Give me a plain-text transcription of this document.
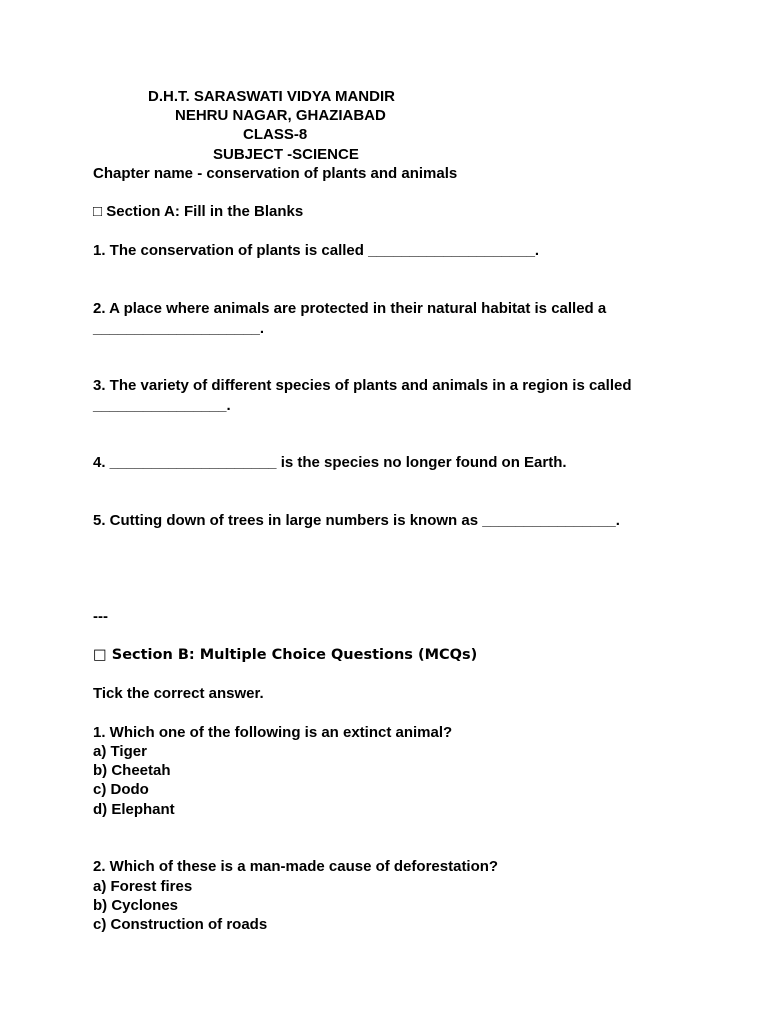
D.H.T. SARASWATI VIDYA MANDIR
NEHRU NAGAR, GHAZIABAD
CLASS-8
SUBJECT -SCIENCE
Chapter name - conservation of plants and animals
□ Section A: Fill in the Blanks
1. The conservation of plants is called ____________________.
2. A place where animals are protected in their natural habitat is called a
____________________.
3. The variety of different species of plants and animals in a region is called
________________.
4. ____________________ is the species no longer found on Earth.
5. Cutting down of trees in large numbers is known as ________________.
---
□ Section B: Multiple Choice Questions (MCQs)
Tick the correct answer.
1. Which one of the following is an extinct animal?
a) Tiger
b) Cheetah
c) Dodo
d) Elephant
2. Which of these is a man-made cause of deforestation?
a) Forest fires
b) Cyclones
c) Construction of roads
